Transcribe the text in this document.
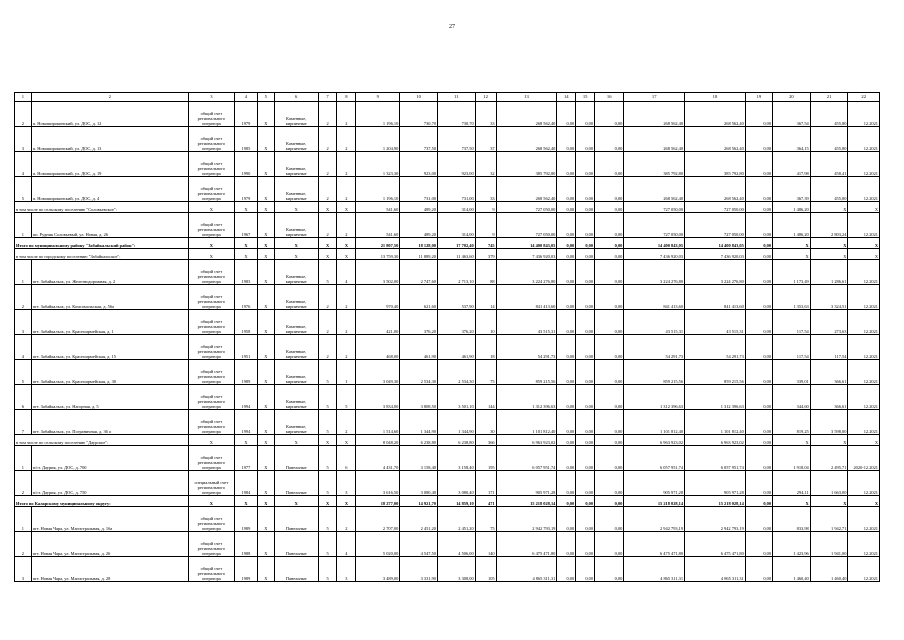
27
1	2	3	4	5	6	7	8	9	10	11	12	13	14	15	16	17	18	19	20	21	22
2	п. Новоширокинский, ул. ДОС, д. 12	общий счет регионального оператора	1979	Х	Каменные, кирпичные	2	2	1 196,10	730,70	730,70	33	268 562,40	0,00	0,00	0,00	268 562,40	268 562,40	0,00	367,54	455,80	12.2021
3	п. Новоширокинский, ул. ДОС, д. 13	общий счет регионального оператора	1985	Х	Каменные, кирпичные	2	2	1 204,90	737,50	737,50	37	268 562,40	0,00	0,00	0,00	268 562,40	268 562,40	0,00	364,15	455,80	12.2021
4	п. Новоширокинский, ул. ДОС, д. 19	общий счет регионального оператора	1990	Х	Каменные, кирпичные	2	2	1 323,30	923,00	923,00	32	385 792,80	0,00	0,00	0,00	385 792,80	385 792,80	0,00	417,98	458,41	12.2021
5	п. Новоширокинский, ул. ДОС, д. 4	общий счет регионального оператора	1979	Х	Каменные, кирпичные	2	2	1 196,10	731,00	731,00	33	268 562,40	0,00	0,00	0,00	268 562,40	268 562,40	0,00	367,39	455,00	12.2021
в том числе по сельскому поселению "Соловьевское":		Х	Х	Х	Х	Х	Х	541,60	489,20	314,00	9	727 050,00	0,00	0,00	0,00	727 050,00	727 050,00	0,00	1 486,20	Х	Х
1	пп. Рудник Соловьевый, ул. Новая, д. 26	общий счет регионального оператора	1967	Х	Каменные, кирпичные	2	2	541,60	489,20	314,00	9	727 050,00	0,00	0,00	0,00	727 050,00	727 050,00	0,00	1 486,20	2 803,24	12.2021
Итого по муниципальному району "Забайкальский район":		Х	Х	Х	Х	Х	Х	21 807,50	18 128,00	17 702,40	745	14 400 843,05	0,00	0,00	0,00	14 400 843,05	14 400 843,05	0,00	Х	Х	Х
в том числе по городскому поселению "Забайкальское":		Х	Х	Х	Х	Х	Х	13 759,30	11 889,20	11 463,60	379	7 436 920,03	0,00	0,00	0,00	7 436 920,03	7 436 920,03	0,00	Х	Х	Х
1	пгт. Забайкальск, ул. Железнодорожная, д. 2	общий счет регионального оператора	1983	Х	Каменные, кирпичные	5	4	3 502,00	2 747,60	2 713,10	88	3 224 276,80	0,00	0,00	0,00	3 224 276,80	3 224 276,80	0,00	1 173,49	1 286,61	12.2021
2	пгт. Забайкальск, ул. Комсомольская, д. 56а	общий счет регионального оператора	1976	Х	Каменные, кирпичные	2	2	970,40	621,60	537,90	14	841 413,60	0,00	0,00	0,00	841 413,60	841 413,60	0,00	1 353,63	3 324,51	12.2021
3	пгт. Забайкальск, ул. Красноармейская, д. 1	общий счет регионального оператора	1958	Х	Каменные, кирпичные	2	2	421,00	376,20	376,20	10	43 515,31	0,00	0,00	0,00	43 515,31	43 515,31	0,00	117,54	273,63	12.2021
4	пгт. Забайкальск, ул. Красноармейская, д. 15	общий счет регионального оператора	1951	Х	Каменные, кирпичные	2	2	468,00	461,90	461,90	18	54 291,73	0,00	0,00	0,00	54 291,73	54 291,73	0,00	117,54	117,54	12.2021
5	пгт. Забайкальск, ул. Красноармейская, д. 30	общий счет регионального оператора	1989	Х	Каменные, кирпичные	5	1	3 049,30	2 534,30	2 534,30	75	859 215,56	0,00	0,00	0,00	859 215,56	859 215,56	0,00	339,01	366,61	12.2021
6	пгт. Забайкальск, ул. Нагорная, д. 5	общий счет регионального оператора	1994	Х	Каменные, кирпичные	5	5	3 834,00	3 808,50	3 501,10	144	1 312 396,63	0,00	0,00	0,00	1 312 396,63	1 312 396,63	0,00	344,60	366,61	12.2021
7	пгт. Забайкальск, ул. Пограничная, д. 36 а	общий счет регионального оператора	1994	Х	Каменные, кирпичные	5	2	1 514,60	1 344,90	1 344,90	30	1 101 812,40	0,00	0,00	0,00	1 101 812,40	1 101 812,40	0,00	819,25	3 598,00	12.2021
в том числе по сельскому поселению "Даурское":		Х	Х	Х	Х	Х	Х	8 048,20	6 238,80	6 238,80	366	6 963 923,02	0,00	0,00	0,00	6 963 923,02	6 963 923,02	0,00	Х	Х	Х
1	п/ст. Даурия, ул. ДОС, д. 700	общий счет регионального оператора	1977	Х	Панельные	5	6	4 431,70	3 158,40	3 158,40	195	6 057 951,74	0,00	0,00	0,00	6 057 951,74	6 057 951,74	0,00	1 918,04	2 495,71	2020-12.2021
2	п/ст. Даурия, ул. ДОС, д. 750	специальный счет регионального оператора	1984	Х	Панельные	5	3	3 616,50	3 080,40	3 080,40	171	905 971,28	0,00	0,00	0,00	905 971,28	905 971,28	0,00	294,11	1 663,00	12.2021
Итого по Каларскому муниципальному округу:		Х	Х	Х	Х	Х	Х	18 277,00	14 921,70	14 859,10	471	15 218 028,14	0,00	0,00	0,00	15 218 028,14	15 218 028,14	0,00	Х	Х	Х
1	пгт. Новая Чара, ул. Магистральная, д. 16а	общий счет регионального оператора	1989	Х	Панельные	5	2	2 707,00	2 451,20	2 451,20	75	2 942 793,19	0,00	0,00	0,00	2 942 793,19	2 942 793,19	0,00	833,98	1 942,71	12.2021
2	пгт. Новая Чара, ул. Магистральная, д. 26	общий счет регионального оператора	1988	Х	Панельные	5	4	5 020,00	4 547,50	4 506,00	140	6 475 471,80	0,00	0,00	0,00	6 475 471,80	6 475 471,80	0,00	1 423,96	1 941,00	12.2021
3	пгт. Новая Чара, ул. Магистральная, д. 28	общий счет регионального оператора	1989	Х	Панельные	5	3	3 489,00	3 331,90	3 308,00	105	4 865 311,31	0,00	0,00	0,00	4 865 311,31	4 865 311,31	0,00	1 460,40	1 460,40	12.2021
